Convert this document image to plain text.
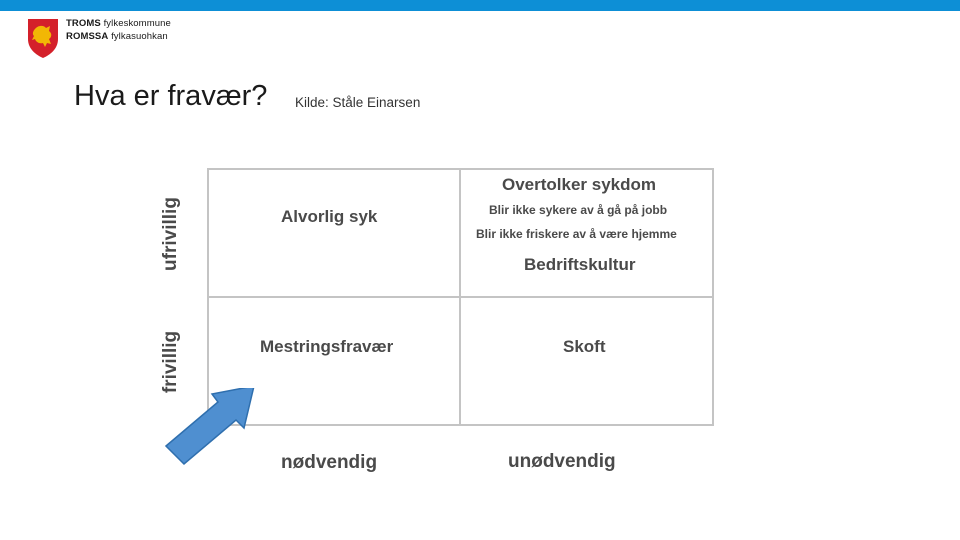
TROMS fylkeskommune
ROMSSA fylkasuohkan
Hva er fravær? Kilde: Ståle Einarsen
Alvorlig syk
Overtolker sykdom
Blir ikke sykere av å gå på jobb
Blir ikke friskere av å være hjemme
Bedriftskultur
Mestringsfravær	Skoft
ufrivillig
frivillig
nødvendig	unødvendig
